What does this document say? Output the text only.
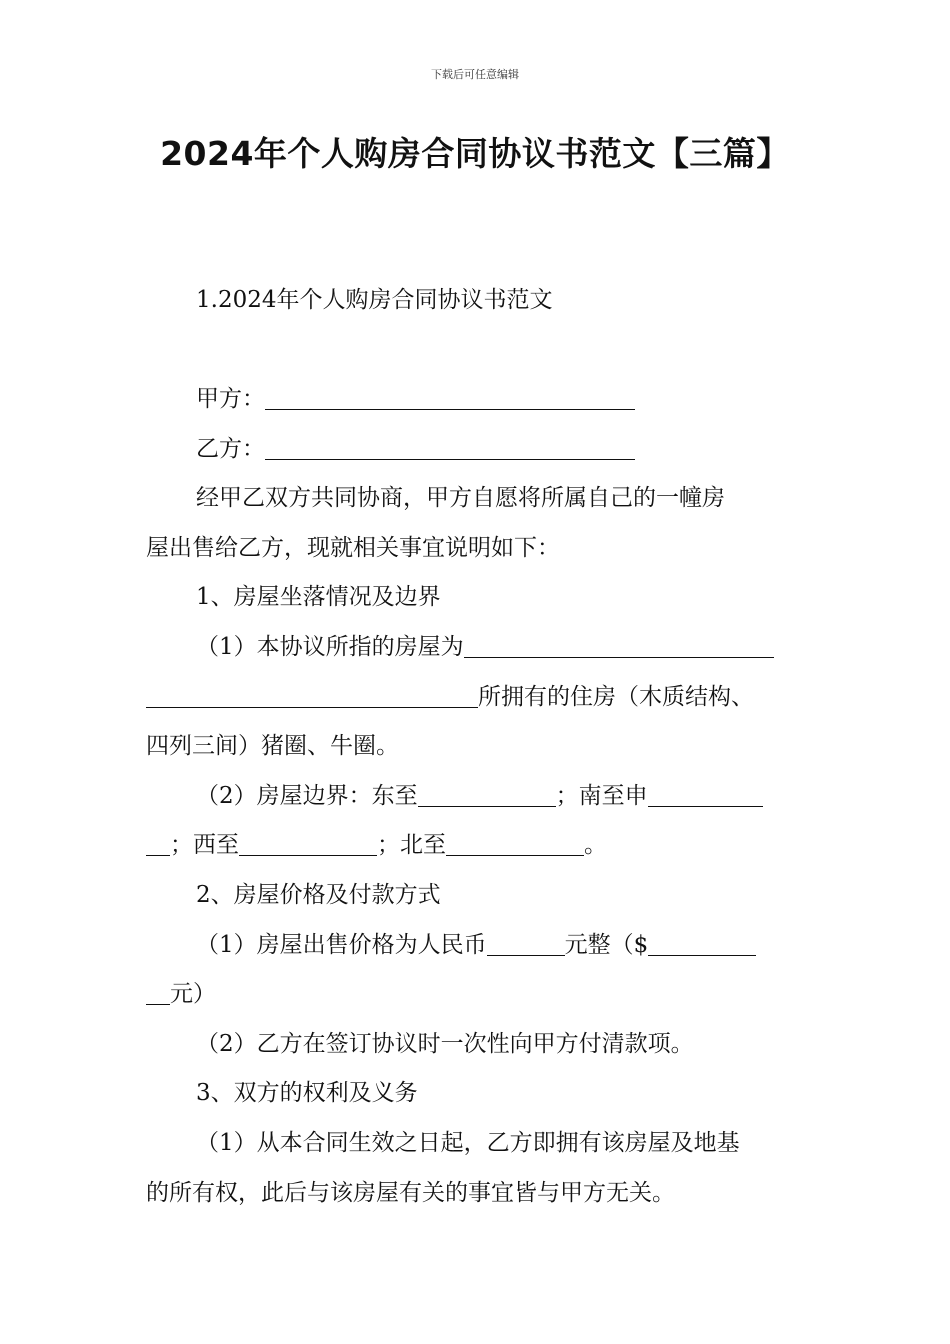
下载后可任意编辑
2024年个人购房合同协议书范文【三篇】
1.2024年个人购房合同协议书范文
甲方：
乙方：
经甲乙双方共同协商，甲方自愿将所属自己的一幢房
屋出售给乙方，现就相关事宜说明如下：
1、房屋坐落情况及边界
（1）本协议所指的房屋为
所拥有的住房（木质结构、
四列三间）猪圈、牛圈。
（2）房屋边界：东至	；南至申
；西至	；北至	。
2、房屋价格及付款方式
（1）房屋出售价格为人民币	元整（$
元）
（2）乙方在签订协议时一次性向甲方付清款项。
3、双方的权利及义务
（1）从本合同生效之日起，乙方即拥有该房屋及地基
的所有权，此后与该房屋有关的事宜皆与甲方无关。
